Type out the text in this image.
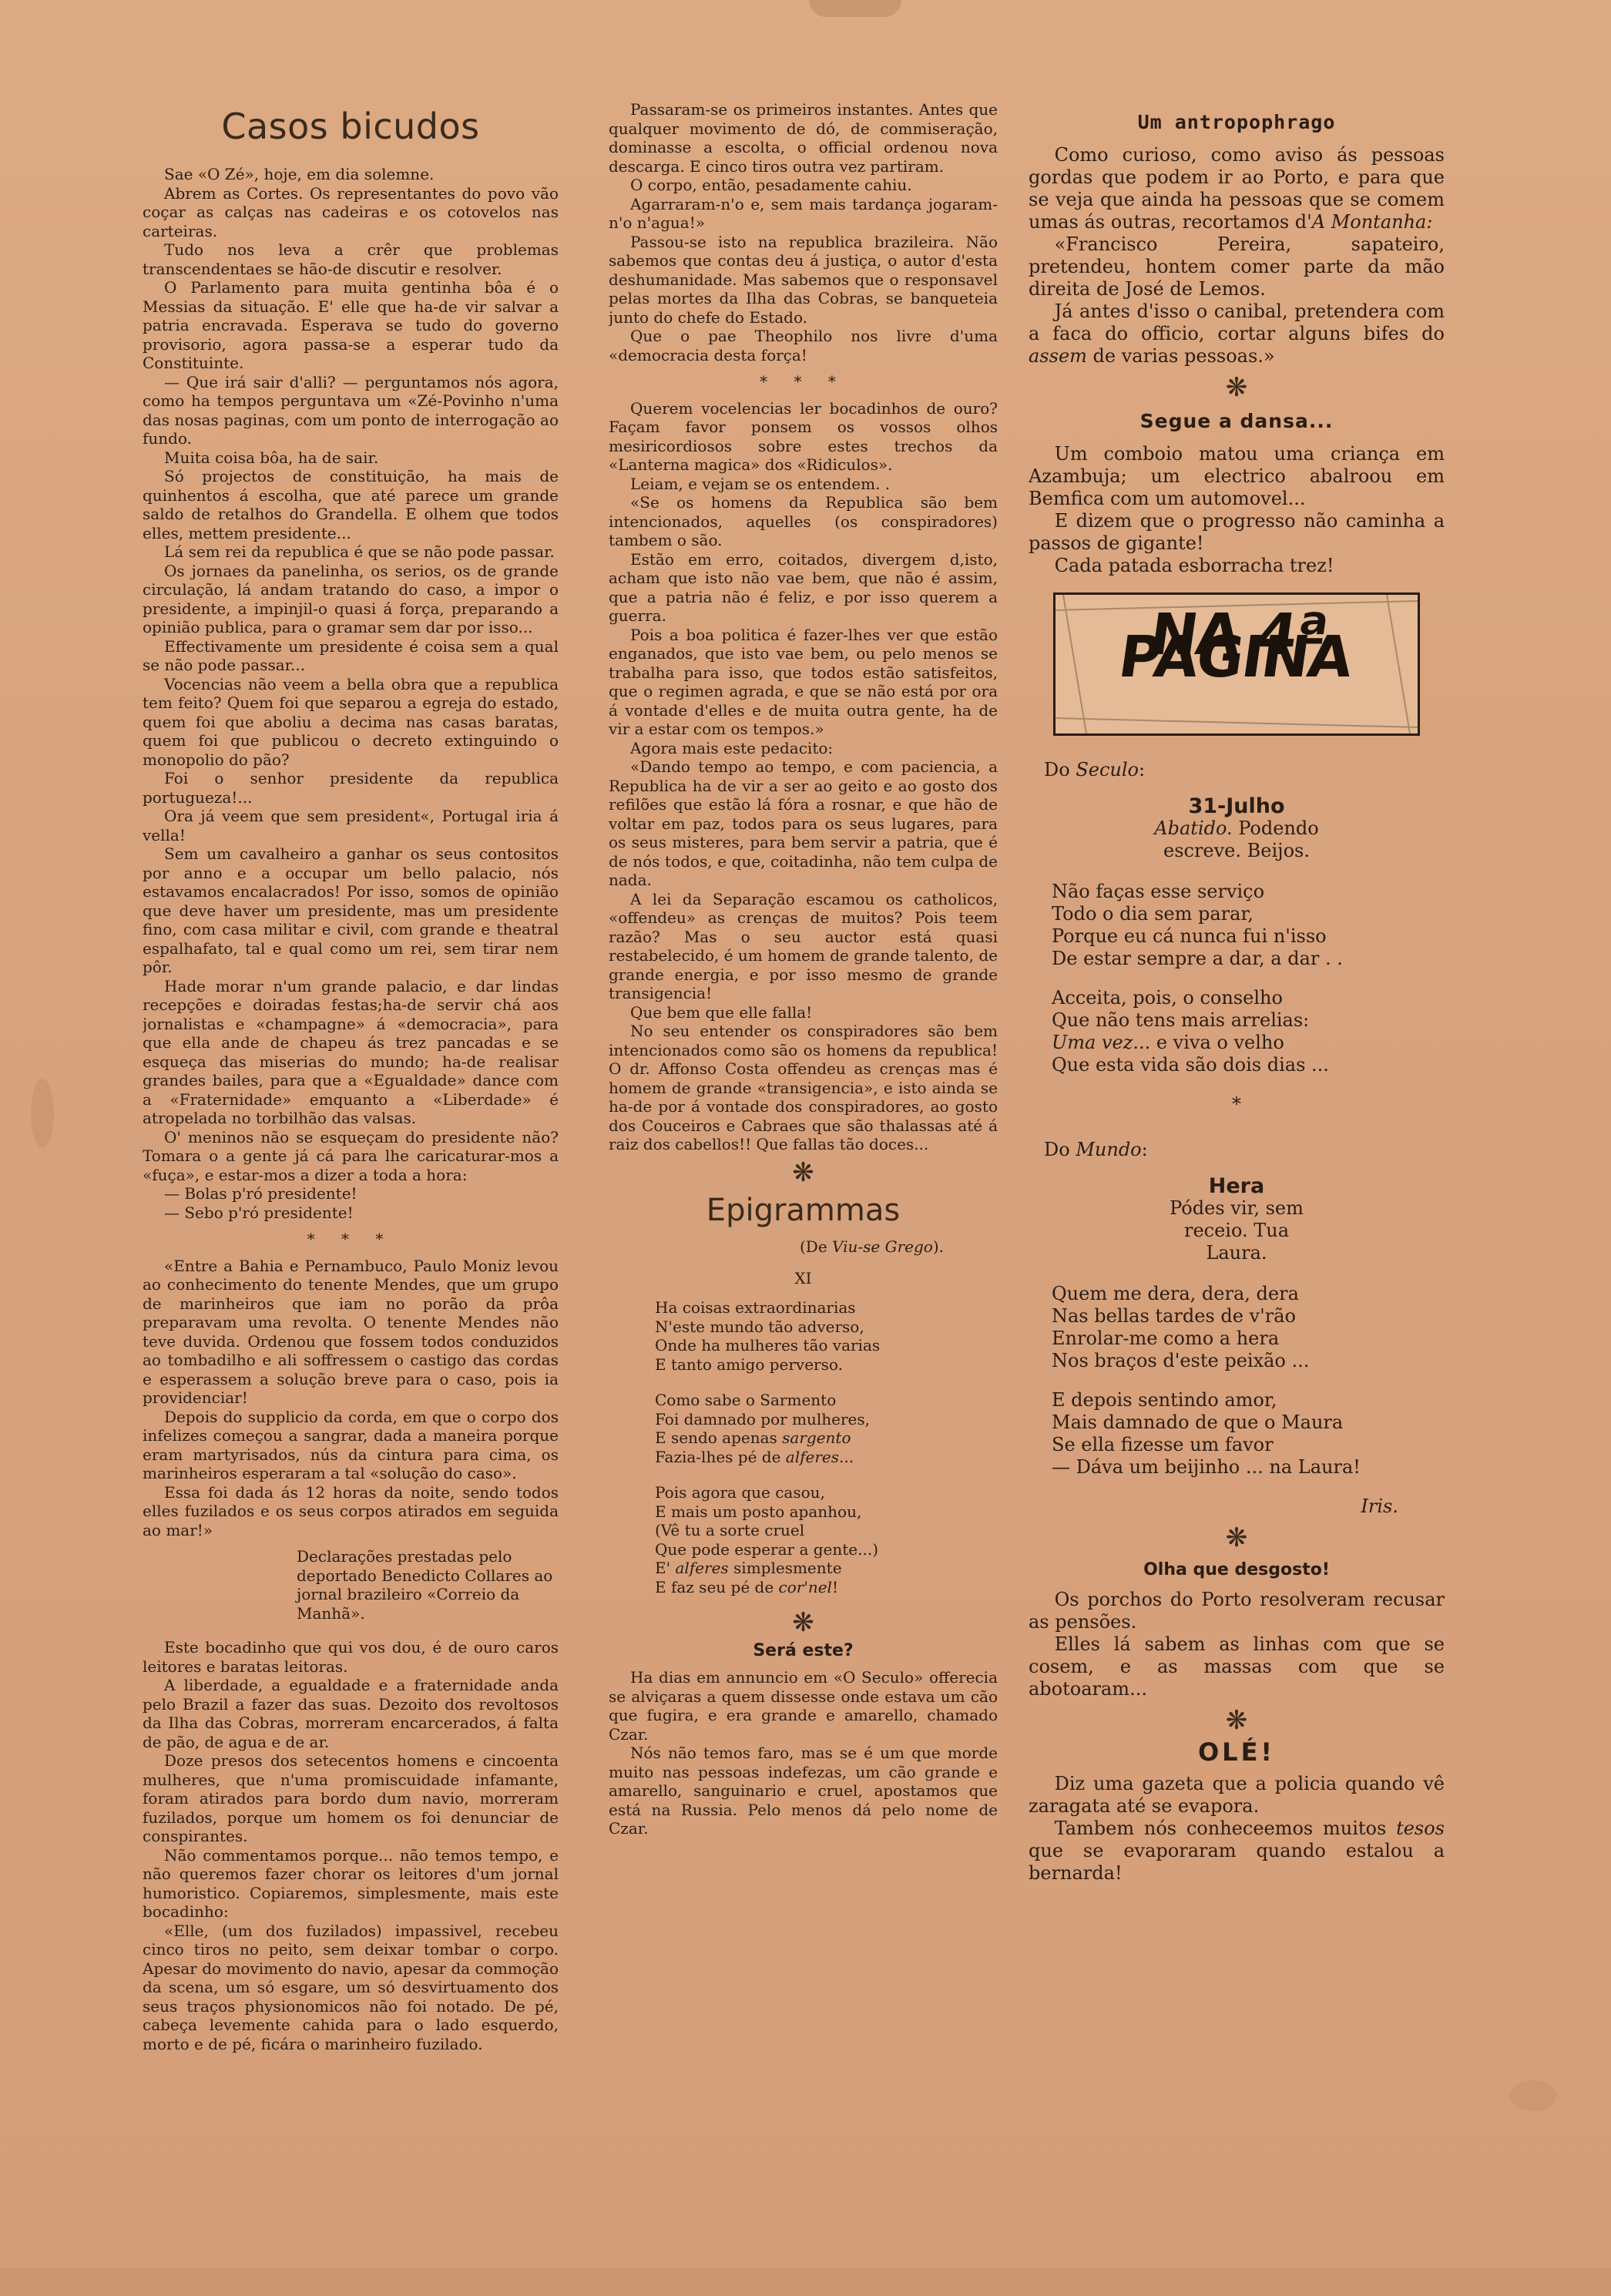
Casos bicudos

Sae «O Zé», hoje, em dia solemne.

Abrem as Cortes. Os representantes do povo vão coçar as calças nas cadeiras e os cotovelos nas carteiras.

Tudo nos leva a crêr que problemas transcendentaes se hão-de discutir e resolver.

O Parlamento para muita gentinha bôa é o Messias da situação. E' elle que ha-de vir salvar a patria encravada. Esperava se tudo do governo provisorio, agora passa-se a esperar tudo da Constituinte.

— Que irá sair d'alli? — perguntamos nós agora, como ha tempos perguntava um «Zé-Povinho n'uma das nosas paginas, com um ponto de interrogação ao fundo.

Muita coisa bôa, ha de sair.

Só projectos de constituição, ha mais de quinhentos á escolha, que até parece um grande saldo de retalhos do Grandella. E olhem que todos elles, mettem presidente...

Lá sem rei da republica é que se não pode passar.

Os jornaes da panelinha, os serios, os de grande circulação, lá andam tratando do caso, a impor o presidente, a impinjil-o quasi á força, preparando a opinião publica, para o gramar sem dar por isso...

Effectivamente um presidente é coisa sem a qual se não pode passar...

Vocencias não veem a bella obra que a republica tem feito? Quem foi que separou a egreja do estado, quem foi que aboliu a decima nas casas baratas, quem foi que publicou o decreto extinguindo o monopolio do pão?

Foi o senhor presidente da republica portugueza!...

Ora já veem que sem president«, Portugal iria á vella!

Sem um cavalheiro a ganhar os seus contositos por anno e a occupar um bello palacio, nós estavamos encalacrados! Por isso, somos de opinião que deve haver um presidente, mas um presidente fino, com casa militar e civil, com grande e theatral espalhafato, tal e qual como um rei, sem tirar nem pôr.

Hade morar n'um grande palacio, e dar lindas recepções e doiradas festas;ha-de servir chá aos jornalistas e «champagne» á «democracia», para que ella ande de chapeu ás trez pancadas e se esqueça das miserias do mundo; ha-de realisar grandes bailes, para que a «Egualdade» dance com a «Fraternidade» emquanto a «Liberdade» é atropelada no torbilhão das valsas.

O' meninos não se esqueçam do presidente não? Tomara o a gente já cá para lhe caricaturar-mos a «fuça», e estar-mos a dizer a toda a hora:

— Bolas p'ró presidente!

— Sebo p'ró presidente!

* * *

«Entre a Bahia e Pernambuco, Paulo Moniz levou ao conhecimento do tenente Mendes, que um grupo de marinheiros que iam no porão da prôa preparavam uma revolta. O tenente Mendes não teve duvida. Ordenou que fossem todos conduzidos ao tombadilho e ali soffressem o castigo das cordas e esperassem a solução breve para o caso, pois ia providenciar!

Depois do supplicio da corda, em que o corpo dos infelizes começou a sangrar, dada a maneira porque eram martyrisados, nús da cintura para cima, os marinheiros esperaram a tal «solução do caso».

Essa foi dada ás 12 horas da noite, sendo todos elles fuzilados e os seus corpos atirados em seguida ao mar!»

Declarações prestadas pelo deportado Benedicto Collares ao jornal brazileiro «Correio da Manhã».

Este bocadinho que qui vos dou, é de ouro caros leitores e baratas leitoras.

A liberdade, a egualdade e a fraternidade anda pelo Brazil a fazer das suas. Dezoito dos revoltosos da Ilha das Cobras, morreram encarcerados, á falta de pão, de agua e de ar.

Doze presos dos setecentos homens e cincoenta mulheres, que n'uma promiscuidade infamante, foram atirados para bordo dum navio, morreram fuzilados, porque um homem os foi denunciar de conspirantes.

Não commentamos porque... não temos tempo, e não queremos fazer chorar os leitores d'um jornal humoristico. Copiaremos, simplesmente, mais este bocadinho:

«Elle, (um dos fuzilados) impassivel, recebeu cinco tiros no peito, sem deixar tombar o corpo. Apesar do movimento do navio, apesar da commoção da scena, um só esgare, um só desvirtuamento dos seus traços physionomicos não foi notado. De pé, cabeça levemente cahida para o lado esquerdo, morto e de pé, ficára o marinheiro fuzilado.

Passaram-se os primeiros instantes. Antes que qualquer movimento de dó, de commiseração, dominasse a escolta, o official ordenou nova descarga. E cinco tiros outra vez partiram.

O corpo, então, pesadamente cahiu.

Agarraram-n'o e, sem mais tardança jogaram-n'o n'agua!»

Passou-se isto na republica brazileira. Não sabemos que contas deu á justiça, o autor d'esta deshumanidade. Mas sabemos que o responsavel pelas mortes da Ilha das Cobras, se banqueteia junto do chefe do Estado.

Que o pae Theophilo nos livre d'uma «democracia desta força!

* * *

Querem vocelencias ler bocadinhos de ouro? Façam favor ponsem os vossos olhos mesiricordiosos sobre estes trechos da «Lanterna magica» dos «Ridiculos».

Leiam, e vejam se os entendem. .

«Se os homens da Republica são bem intencionados, aquelles (os conspiradores) tambem o são.

Estão em erro, coitados, divergem d,isto, acham que isto não vae bem, que não é assim, que a patria não é feliz, e por isso querem a guerra.

Pois a boa politica é fazer-lhes ver que estão enganados, que isto vae bem, ou pelo menos se trabalha para isso, que todos estão satisfeitos, que o regimen agrada, e que se não está por ora á vontade d'elles e de muita outra gente, ha de vir a estar com os tempos.»

Agora mais este pedacito:

«Dando tempo ao tempo, e com paciencia, a Republica ha de vir a ser ao geito e ao gosto dos refilões que estão lá fóra a rosnar, e que hão de voltar em paz, todos para os seus lugares, para os seus misteres, para bem servir a patria, que é de nós todos, e que, coitadinha, não tem culpa de nada.

A lei da Separação escamou os catholicos, «offendeu» as crenças de muitos? Pois teem razão? Mas o seu auctor está quasi restabelecido, é um homem de grande talento, de grande energia, e por isso mesmo de grande transigencia!

Que bem que elle falla!

No seu entender os conspiradores são bem intencionados como são os homens da republica! O dr. Affonso Costa offendeu as crenças mas é homem de grande «transigencia», e isto ainda se ha-de por á vontade dos conspiradores, ao gosto dos Couceiros e Cabraes que são thalassas até á raiz dos cabellos!! Que fallas tão doces...

❋
Epigrammas
(De Viu-se Grego).
XI
Ha coisas extraordinarias
N'este mundo tão adverso,
Onde ha mulheres tão varias
E tanto amigo perverso.
Como sabe o Sarmento
Foi damnado por mulheres,
E sendo apenas sargento
Fazia-lhes pé de alferes...
Pois agora que casou,
E mais um posto apanhou,
(Vê tu a sorte cruel
Que pode esperar a gente...)
E' alferes simplesmente
E faz seu pé de cor'nel!
❋
Será este?

Ha dias em annuncio em «O Seculo» offerecia se alviçaras a quem dissesse onde estava um cão que fugira, e era grande e amarello, chamado Czar.

Nós não temos faro, mas se é um que morde muito nas pessoas indefezas, um cão grande e amarello, sanguinario e cruel, apostamos que está na Russia. Pelo menos dá pelo nome de Czar.

Um antropophrago

Como curioso, como aviso ás pessoas gordas que podem ir ao Porto, e para que se veja que ainda ha pessoas que se comem umas ás outras, recortamos d'A Montanha:

«Francisco Pereira, sapateiro, pretendeu, hontem comer parte da mão direita de José de Lemos.

Já antes d'isso o canibal, pretendera com a faca do officio, cortar alguns bifes do assem de varias pessoas.»

❋
Segue a dansa...

Um comboio matou uma criança em Azambuja; um electrico abalroou em Bemfica com um automovel...

E dizem que o progresso não caminha a passos de gigante!

Cada patada esborracha trez!

NA 4ª PAGINA
Do Seculo:
31-Julho
Abatido. Podendo
escreve. Beijos.
Não faças esse serviço
Todo o dia sem parar,
Porque eu cá nunca fui n'isso
De estar sempre a dar, a dar . .
Acceita, pois, o conselho
Que não tens mais arrelias:
Uma vez... e viva o velho
Que esta vida são dois dias ...
*
Do Mundo:
Hera
Pódes vir, sem
receio. Tua
Laura.
Quem me dera, dera, dera
Nas bellas tardes de v'rão
Enrolar-me como a hera
Nos braços d'este peixão ...
E depois sentindo amor,
Mais damnado de que o Maura
Se ella fizesse um favor
— Dáva um beijinho ... na Laura!
Iris.
❋
Olha que desgosto!

Os porchos do Porto resolveram recusar as pensões.

Elles lá sabem as linhas com que se cosem, e as massas com que se abotoaram...

❋
OLÉ!

Diz uma gazeta que a policia quando vê zaragata até se evapora.

Tambem nós conheceemos muitos tesos que se evaporaram quando estalou a bernarda!
